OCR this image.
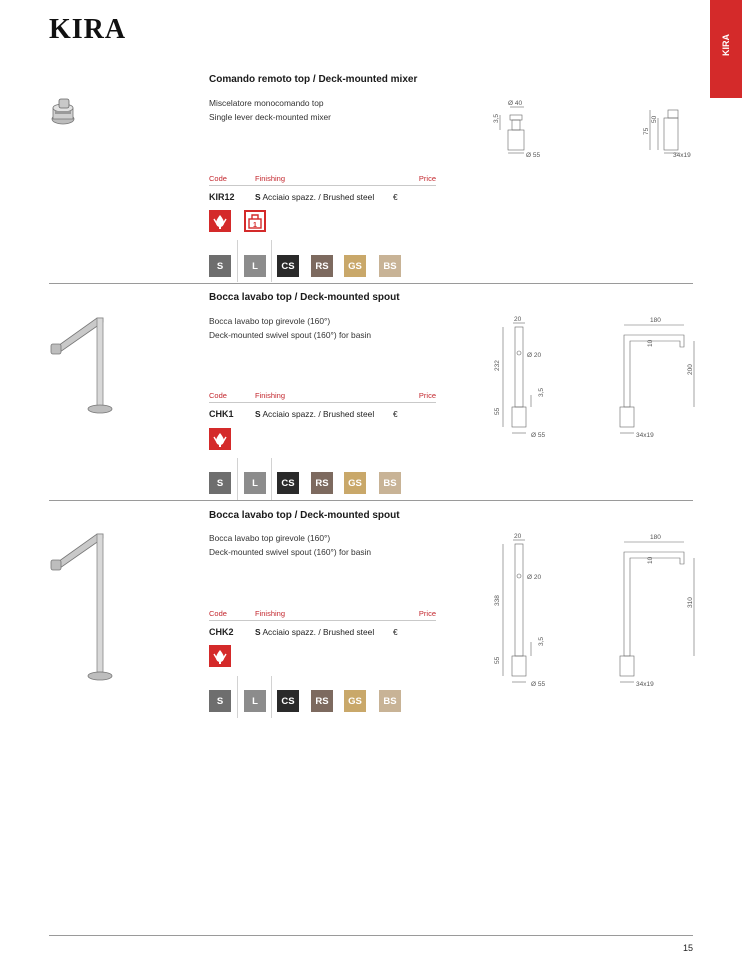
KIRA	KIRA
Comando remoto top / Deck-mounted mixer
Miscelatore monocomando top
Single lever deck-mounted mixer
Code	Finishing	Price
KIR12 S Acciaio spazz. / Brushed steel €
1
S	L CS RS GS BS
Ø 40
3,5
Ø 55
50
75
34x19
Bocca lavabo top / Deck-mounted spout
Bocca lavabo top girevole (160°)
Deck-mounted swivel spout (160°) for basin
Code	Finishing	Price
CHK1	S Acciaio spazz. / Brushed steel €
S	L CS RS GS BS
20
Ø 20
232
3,5
55
Ø 55
180
10
200
34x19
Bocca lavabo top / Deck-mounted spout
Bocca lavabo top girevole (160°)
Deck-mounted swivel spout (160°) for basin
Code	Finishing	Price
CHK2	S Acciaio spazz. / Brushed steel €
S	L CS RS GS BS
20
Ø 20
338
3,5
55
Ø 55
180
10
310
34x19
15
